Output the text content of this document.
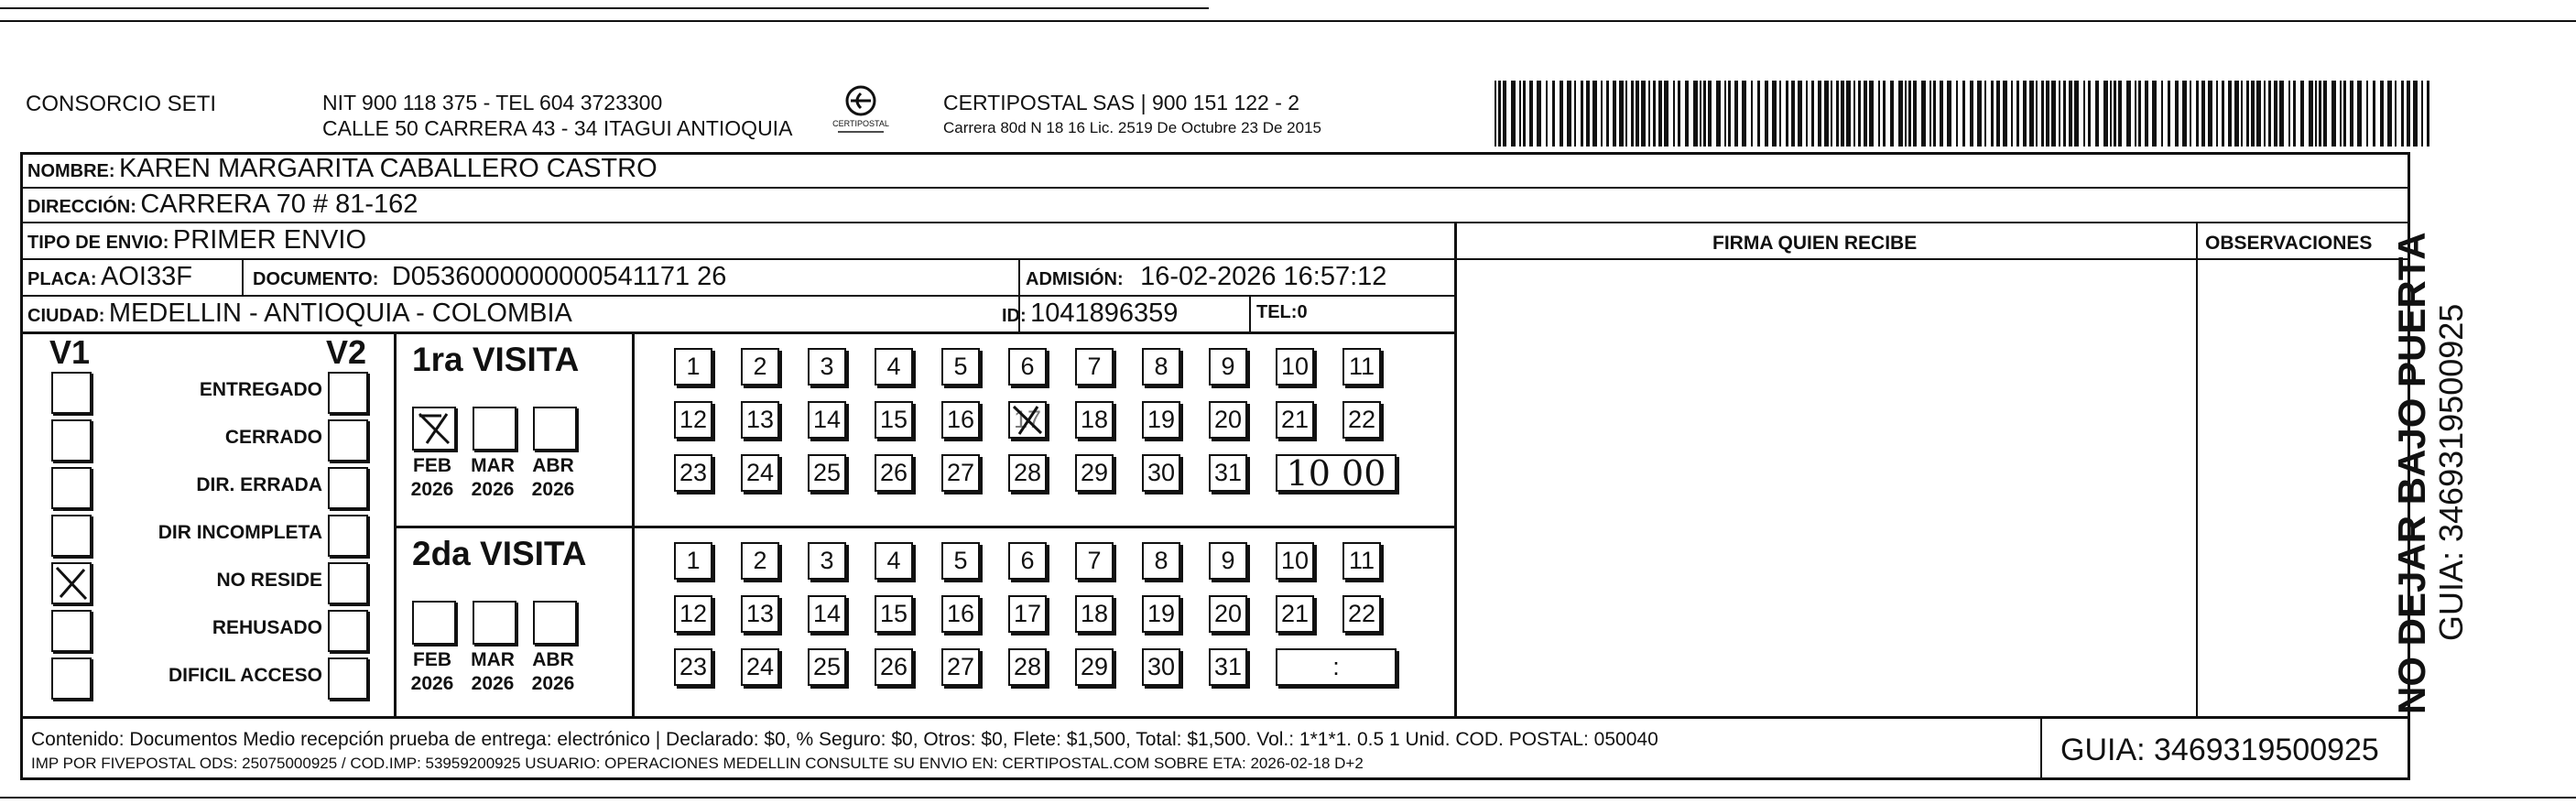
CONSORCIO SETI	NIT 900 118 375 - TEL 604 3723300
CALLE 50 CARRERA 43 - 34 ITAGUI ANTIOQUIA	CERTIPOSTAL
CERTIPOSTAL SAS | 900 151 122 - 2
Carrera 80d N 18 16 Lic. 2519 De Octubre 23 De 2015
NOMBRE: KAREN MARGARITA CABALLERO CASTRO
DIRECCIÓN: CARRERA 70 # 81-162
TIPO DE ENVIO: PRIMER ENVIO	FIRMA QUIEN RECIBE	OBSERVACIONES
PLACA: AOI33F	DOCUMENTO: D0536000000000541171 26	ADMISIÓN: 16-02-2026 16:57:12
CIUDAD: MEDELLIN - ANTIOQUIA - COLOMBIA	ID: 1041896359	TEL:0
V1	V2
ENTREGADO
CERRADO
DIR. ERRADA
DIR INCOMPLETA
NO RESIDE
REHUSADO
DIFICIL ACCESO
1ra VISITA
FEB
2026
MAR
2026
ABR
2026
1 2 3 4 5 6 7 8 9 10 11
12 13 14 15 16 17 18 19 20 21 22
23 24 25 26 27 28 29 30 31 10 00
2da VISITA
FEB
2026
MAR
2026
ABR
2026
1 2 3 4 5 6 7 8 9 10 11
12 13 14 15 16 17 18 19 20 21 22
23 24 25 26 27 28 29 30 31	:
Contenido: Documentos Medio recepción prueba de entrega: electrónico | Declarado: $0, % Seguro: $0, Otros: $0, Flete: $1,500, Total: $1,500. Vol.: 1*1*1. 0.5 1 Unid. COD. POSTAL: 050040
IMP POR FIVEPOSTAL ODS: 25075000925 / COD.IMP: 53959200925 USUARIO: OPERACIONES MEDELLIN CONSULTE SU ENVIO EN: CERTIPOSTAL.COM SOBRE ETA: 2026-02-18 D+2	GUIA: 3469319500925
NO DEJAR BAJO PUERTA GUIA: 3469319500925
